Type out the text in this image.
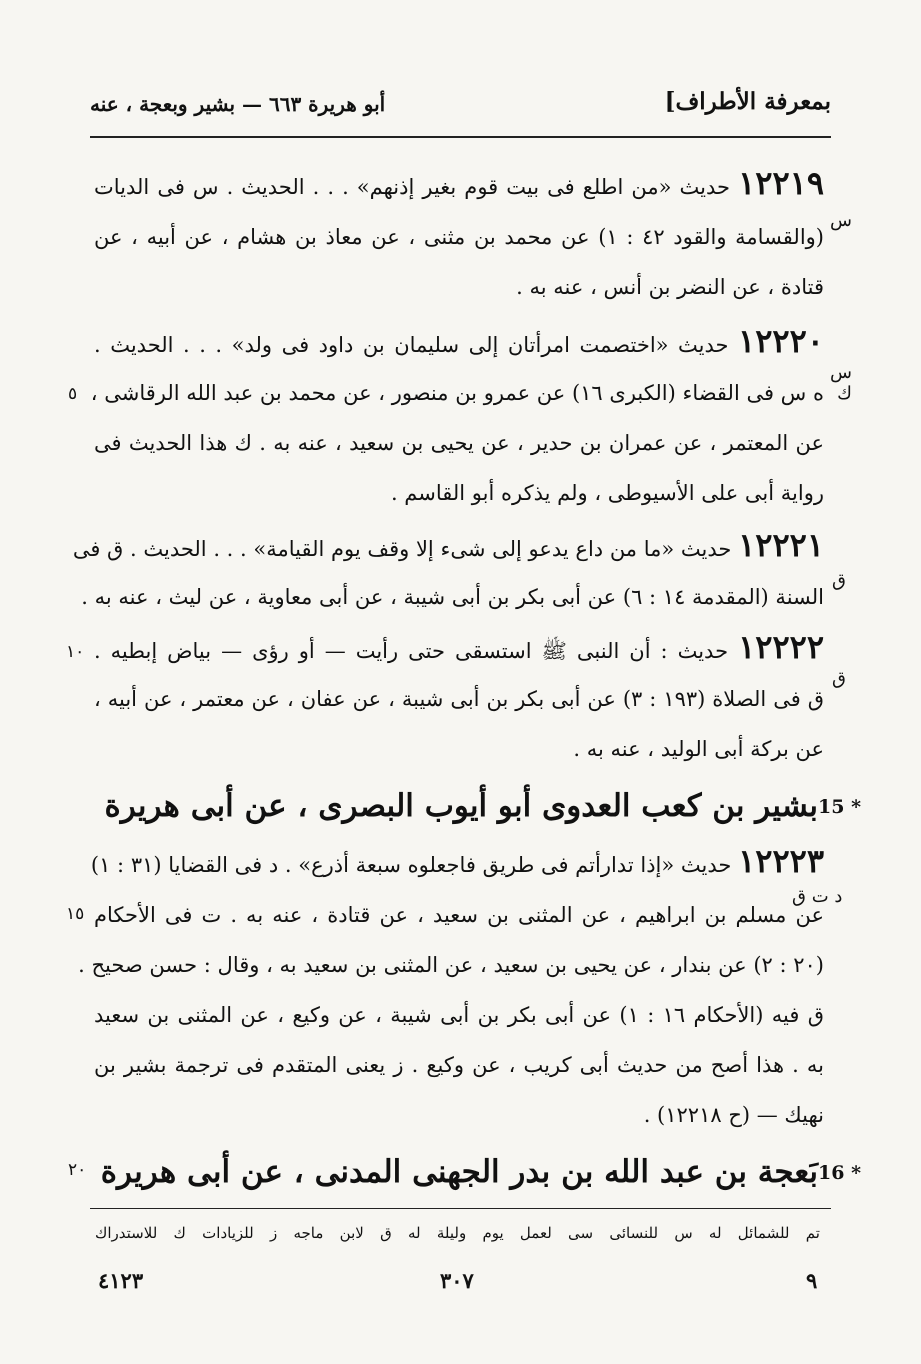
بمعرفة الأطراف]
أبو هريرة ٦٦٣ — بشير وبعجة ، عنه
١٢٢١٩ حديث «من اطلع فى بيت قوم بغير إذنهم» . . . الحديث . س فى الديات
(والقسامة والقود ٤٢ : ١) عن محمد بن مثنى ، عن معاذ بن هشام ، عن أبيه ، عن
قتادة ، عن النضر بن أنس ، عنه به .
س
١٢٢٢٠ حديث «اختصمت امرأتان إلى سليمان بن داود فى ولد» . . . الحديث .
ه س فى القضاء (الكبرى ١٦) عن عمرو بن منصور ، عن محمد بن عبد الله الرقاشى ،
عن المعتمر ، عن عمران بن حدير ، عن يحيى بن سعيد ، عنه به . ك هذا الحديث فى
رواية أبى على الأسيوطى ، ولم يذكره أبو القاسم .
س ك
٥
١٢٢٢١ حديث «ما من داع يدعو إلى شىء إلا وقف يوم القيامة» . . . الحديث . ق فى
السنة (المقدمة ١٤ : ٦) عن أبى بكر بن أبى شيبة ، عن أبى معاوية ، عن ليث ، عنه به .
ق
١٢٢٢٢ حديث : أن النبى ﷺ استسقى حتى رأيت — أو رؤى — بياض إبطيه .
ق فى الصلاة (١٩٣ : ٣) عن أبى بكر بن أبى شيبة ، عن عفان ، عن معتمر ، عن أبيه ،
عن بركة أبى الوليد ، عنه به .
ق
١٠
15 *
بشير بن كعب العدوى أبو أيوب البصرى ، عن أبى هريرة
١٢٢٢٣ حديث «إذا تدارأتم فى طريق فاجعلوه سبعة أذرع» . د فى القضايا (٣١ : ١)
عن مسلم بن ابراهيم ، عن المثنى بن سعيد ، عن قتادة ، عنه به . ت فى الأحكام
(٢٠ : ٢) عن بندار ، عن يحيى بن سعيد ، عن المثنى بن سعيد به ، وقال : حسن صحيح .
ق فيه (الأحكام ١٦ : ١) عن أبى بكر بن أبى شيبة ، عن وكيع ، عن المثنى بن سعيد
به . هذا أصح من حديث أبى كريب ، عن وكيع . ز يعنى المتقدم فى ترجمة بشير بن
نهيك — (ح ١٢٢١٨) .
د ت ق
١٥
16 *
بَعجة بن عبد الله بن بدر الجهنى المدنى ، عن أبى هريرة
٢٠
تم للشمائل له س للنسائى سى لعمل يوم وليلة له ق لابن ماجه ز للزيادات ك للاستدراك
٩
٣٠٧
٤١٢٣
